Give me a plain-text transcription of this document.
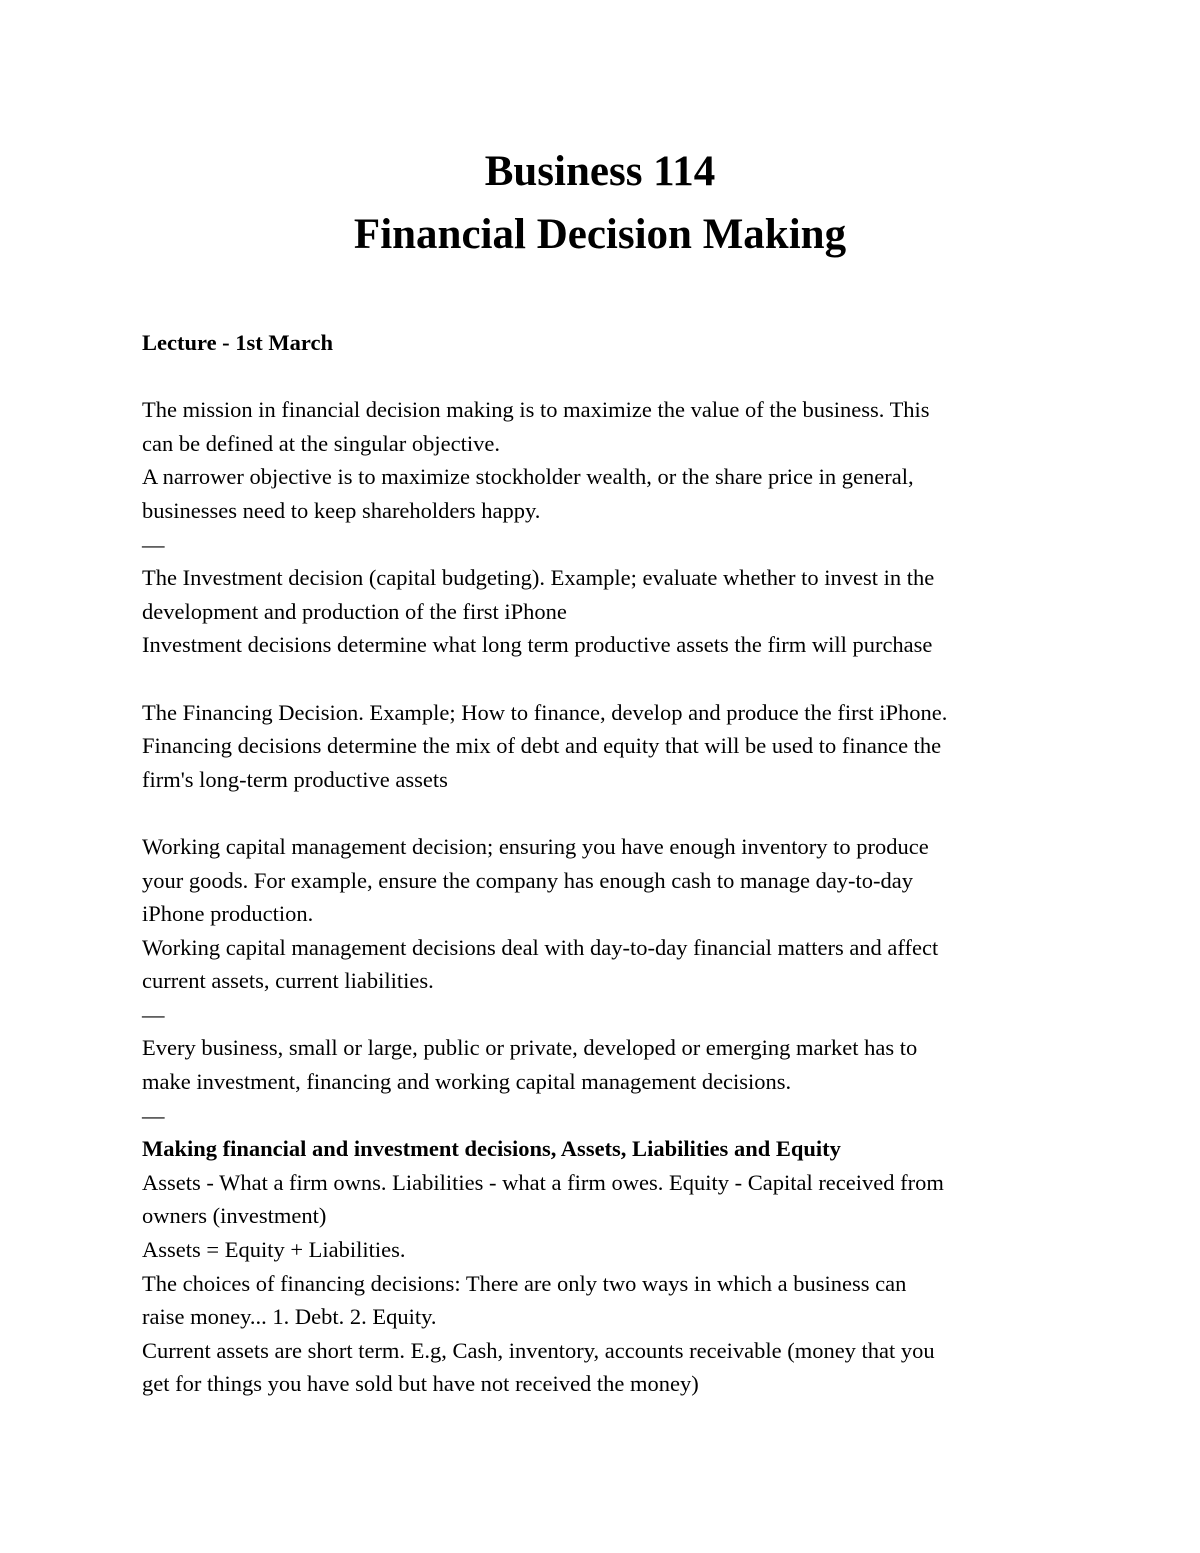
Business 114
Financial Decision Making
Lecture - 1st March
The mission in financial decision making is to maximize the value of the business. This
can be defined at the singular objective.
A narrower objective is to maximize stockholder wealth, or the share price in general,
businesses need to keep shareholders happy.
—
The Investment decision (capital budgeting). Example; evaluate whether to invest in the
development and production of the first iPhone
Investment decisions determine what long term productive assets the firm will purchase
The Financing Decision. Example; How to finance, develop and produce the first iPhone.
Financing decisions determine the mix of debt and equity that will be used to finance the
firm's long-term productive assets
Working capital management decision; ensuring you have enough inventory to produce
your goods. For example, ensure the company has enough cash to manage day-to-day
iPhone production.
Working capital management decisions deal with day-to-day financial matters and affect
current assets, current liabilities.
—
Every business, small or large, public or private, developed or emerging market has to
make investment, financing and working capital management decisions.
—
Making financial and investment decisions, Assets, Liabilities and Equity
Assets - What a firm owns. Liabilities - what a firm owes. Equity - Capital received from
owners (investment)
Assets = Equity + Liabilities.
The choices of financing decisions: There are only two ways in which a business can
raise money... 1. Debt. 2. Equity.
Current assets are short term. E.g, Cash, inventory, accounts receivable (money that you
get for things you have sold but have not received the money)
